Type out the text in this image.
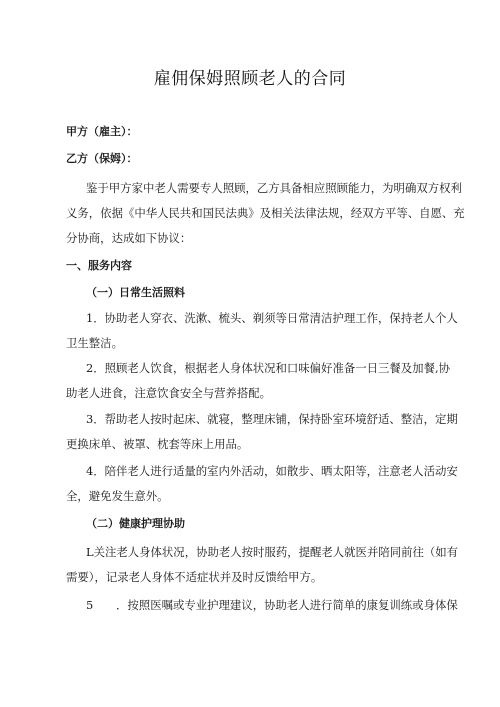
雇佣保姆照顾老人的合同
甲方（雇主）：
乙方（保姆）：
鉴于甲方家中老人需要专人照顾，乙方具备相应照顾能力，为明确双方权利
义务，依据《中华人民共和国民法典》及相关法律法规，经双方平等、自愿、充
分协商，达成如下协议：
一、服务内容
（一）日常生活照料
1．协助老人穿衣、洗漱、梳头、剃须等日常清洁护理工作，保持老人个人
卫生整洁。
2．照顾老人饮食，根据老人身体状况和口味偏好准备一日三餐及加餐,协
助老人进食，注意饮食安全与营养搭配。
3．帮助老人按时起床、就寝，整理床铺，保持卧室环境舒适、整洁，定期
更换床单、被罩、枕套等床上用品。
4．陪伴老人进行适量的室内外活动，如散步、晒太阳等，注意老人活动安
全，避免发生意外。
（二）健康护理协助
L关注老人身体状况，协助老人按时服药，提醒老人就医并陪同前往（如有
需要），记录老人身体不适症状并及时反馈给甲方。
5　　．按照医嘱或专业护理建议，协助老人进行简单的康复训练或身体保
